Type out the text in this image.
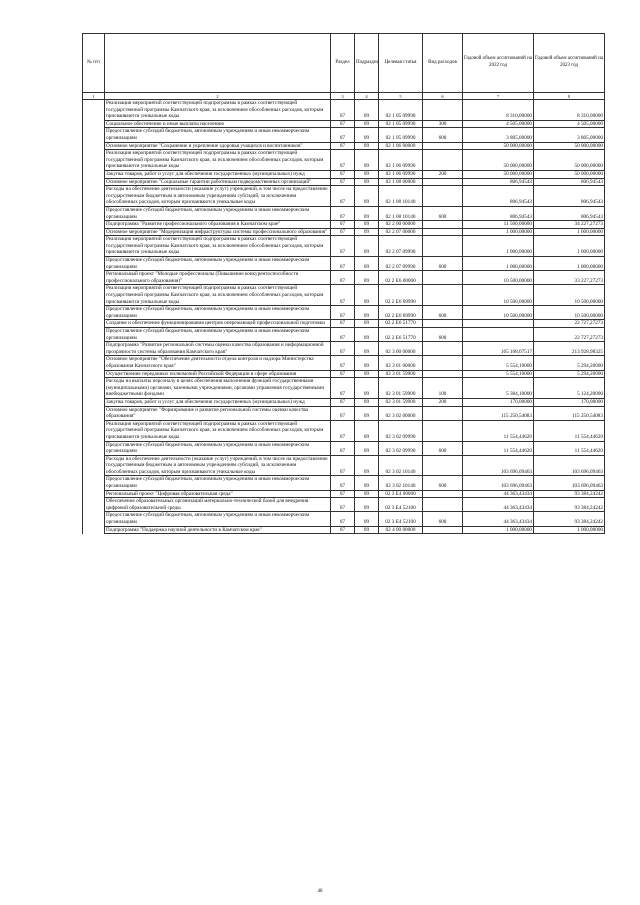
№ п/п		Раздел	Подраздел	Целевая статья	Вид расходов	Годовой объем ассигнований на 2022 год	Годовой объем ассигнований на 2023 год
1	2	3	4	5	6	7	8
	Реализация мероприятий соответствующей подпрограммы в рамках соответствующей государственной программы Камчатского края, за исключением обособленных расходов, которым присваиваются уникальные коды	07	09	02 1 05 09990		8 310,00000	8 310,00000
	Социальное обеспечение и иные выплаты населению	07	09	02 1 05 09990	300	4 505,00000	4 505,00000
	Предоставление субсидий бюджетным, автономным учреждениям и иным некоммерческим организациям	07	09	02 1 05 09990	600	3 805,00000	3 805,00000
	Основное мероприятие "Сохранение и укрепление здоровья учащихся и воспитанников"	07	09	02 1 06 00000		50 000,00000	50 000,00000
	Реализация мероприятий соответствующей подпрограммы в рамках соответствующей государственной программы Камчатского края, за исключением обособленных расходов, которым присваиваются уникальные коды	07	09	02 1 06 09990		50 000,00000	50 000,00000
	Закупка товаров, работ и услуг для обеспечения государственных (муниципальных) нужд	07	09	02 1 06 09990	200	50 000,00000	50 000,00000
	Основное мероприятие "Социальные гарантии работникам подведомственных организаций"	07	09	02 1 08 00000		806,94543	806,94543
	Расходы на обеспечение деятельности (оказание услуг) учреждений, в том числе на предоставление государственным бюджетным и автономным учреждениям субсидий, за исключением обособленных расходов, которым присваиваются уникальные коды	07	09	02 1 08 10140		806,94543	806,94543
	Предоставление субсидий бюджетным, автономным учреждениям и иным некоммерческим организациям	07	09	02 1 08 10140	600	806,94543	806,94543
	Подпрограмма "Развитие профессионального образования в Камчатском крае"	07	09	02 2 00 00000		11 500,00000	34 227,27273
	Основное мероприятие "Модернизация инфраструктуры системы профессионального образования"	07	09	02 2 07 00000		1 000,00000	1 000,00000
	Реализация мероприятий соответствующей подпрограммы в рамках соответствующей государственной программы Камчатского края, за исключением обособленных расходов, которым присваиваются уникальные коды	07	09	02 2 07 09990		1 000,00000	1 000,00000
	Предоставление субсидий бюджетным, автономным учреждениям и иным некоммерческим организациям	07	09	02 2 07 09990	600	1 000,00000	1 000,00000
	Региональный проект "Молодые профессионалы (Повышение конкурентоспособности профессионального образования)"	07	09	02 2 E6 00000		10 500,00000	33 227,27273
	Реализация мероприятий соответствующей подпрограммы в рамках соответствующей государственной программы Камчатского края, за исключением обособленных расходов, которым присваиваются уникальные коды	07	09	02 2 E6 09990		10 500,00000	10 500,00000
	Предоставление субсидий бюджетным, автономным учреждениям и иным некоммерческим организациям	07	09	02 2 E6 09990	600	10 500,00000	10 500,00000
	Создание и обеспечение функционирования центров опережающей профессиональной подготовки	07	09	02 2 E6 51770			22 727,27273
	Предоставление субсидий бюджетным, автономным учреждениям и иным некоммерческим организациям	07	09	02 2 E6 51770	600		22 727,27273
	Подпрограмма "Развитие региональной системы оценки качества образования и информационной прозрачности системы образования Камчатского края"	07	09	02 3 00 00000		165 168,07517	213 928,98325
	Основное мероприятие "Обеспечение деятельности отдела контроля и надзора Министерства образования Камчатского края"	07	09	02 3 01 00000		5 554,10000	5 294,20000
	Осуществление переданных полномочий Российской Федерации в сфере образования	07	09	02 3 01 59900		5 554,10000	5 294,20000
	Расходы на выплаты персоналу в целях обеспечения выполнения функций государственными (муниципальными) органами, казенными учреждениями, органами управления государственными внебюджетными фондами	07	09	02 3 01 59900	100	5 384,10000	5 124,20000
	Закупка товаров, работ и услуг для обеспечения государственных (муниципальных) нужд	07	09	02 3 01 59900	200	170,00000	170,00000
	Основное мероприятие "Формирование и развитие региональной системы оценки качества образования"	07	09	02 3 02 00000		115 250,54083	115 250,54083
	Реализация мероприятий соответствующей подпрограммы в рамках соответствующей государственной программы Камчатского края, за исключением обособленных расходов, которым присваиваются уникальные коды	07	09	02 3 02 09990		11 554,44620	11 554,44620
	Предоставление субсидий бюджетным, автономным учреждениям и иным некоммерческим организациям	07	09	02 3 02 09990	600	11 554,44620	11 554,44620
	Расходы на обеспечение деятельности (оказание услуг) учреждений, в том числе на предоставление государственным бюджетным и автономным учреждениям субсидий, за исключением обособленных расходов, которым присваиваются уникальные коды	07	09	02 3 02 10140		103 696,09463	103 696,09463
	Предоставление субсидий бюджетным, автономным учреждениям и иным некоммерческим организациям	07	09	02 3 02 10140	600	103 696,09463	103 696,09463
	Региональный проект "Цифровая образовательная среда"	07	09	02 3 E4 00000		44 363,43434	93 384,24242
	Обеспечение образовательных организаций материально-технической базой для внедрения цифровой образовательной среды	07	09	02 3 E4 52100		44 363,43434	93 384,24242
	Предоставление субсидий бюджетным, автономным учреждениям и иным некоммерческим организациям	07	09	02 3 E4 52100	600	44 363,43434	93 384,24242
	Подпрограмма "Поддержка научной деятельности в Камчатском крае"	07	09	02 4 00 00000		1 000,00000	1 000,00000
48
